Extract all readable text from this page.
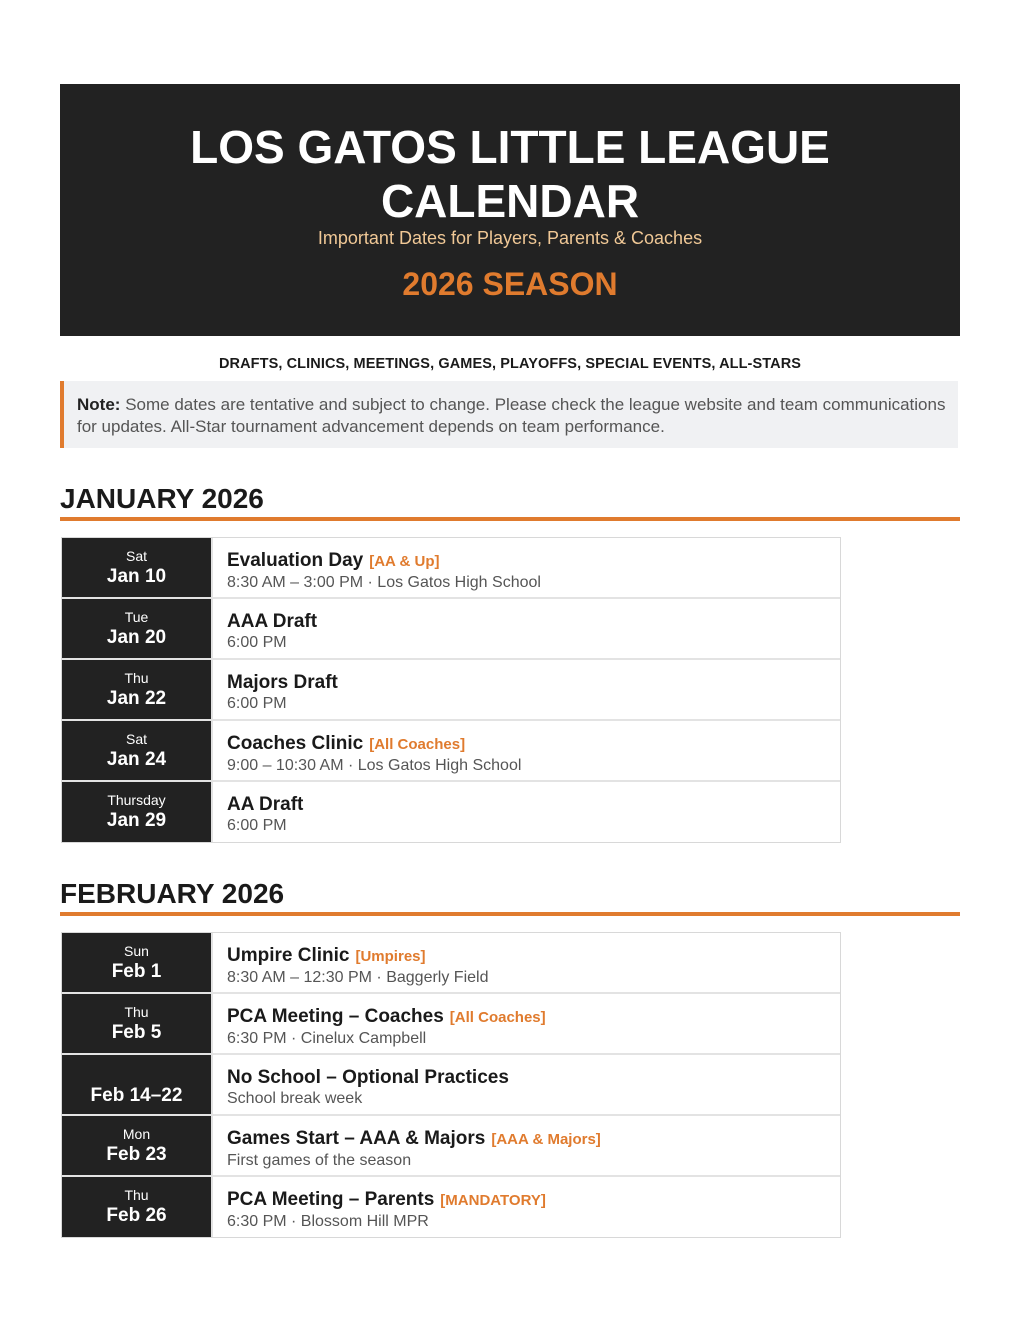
LOS GATOS LITTLE LEAGUE
CALENDAR
Important Dates for Players, Parents & Coaches
2026 SEASON
DRAFTS, CLINICS, MEETINGS, GAMES, PLAYOFFS, SPECIAL EVENTS, ALL-STARS
Note: Some dates are tentative and subject to change. Please check the league website and team communications for updates. All-Star tournament advancement depends on team performance.
JANUARY 2026
Sat
Jan 10
Evaluation Day [AA & Up]
8:30 AM – 3:00 PM · Los Gatos High School
Tue
Jan 20
AAA Draft
6:00 PM
Thu
Jan 22
Majors Draft
6:00 PM
Sat
Jan 24
Coaches Clinic [All Coaches]
9:00 – 10:30 AM · Los Gatos High School
Thursday
Jan 29
AA Draft
6:00 PM
FEBRUARY 2026
Sun
Feb 1
Umpire Clinic [Umpires]
8:30 AM – 12:30 PM · Baggerly Field
Thu
Feb 5
PCA Meeting – Coaches [All Coaches]
6:30 PM · Cinelux Campbell
Feb 14–22
No School – Optional Practices
School break week
Mon
Feb 23
Games Start – AAA & Majors [AAA & Majors]
First games of the season
Thu
Feb 26
PCA Meeting – Parents [MANDATORY]
6:30 PM · Blossom Hill MPR
